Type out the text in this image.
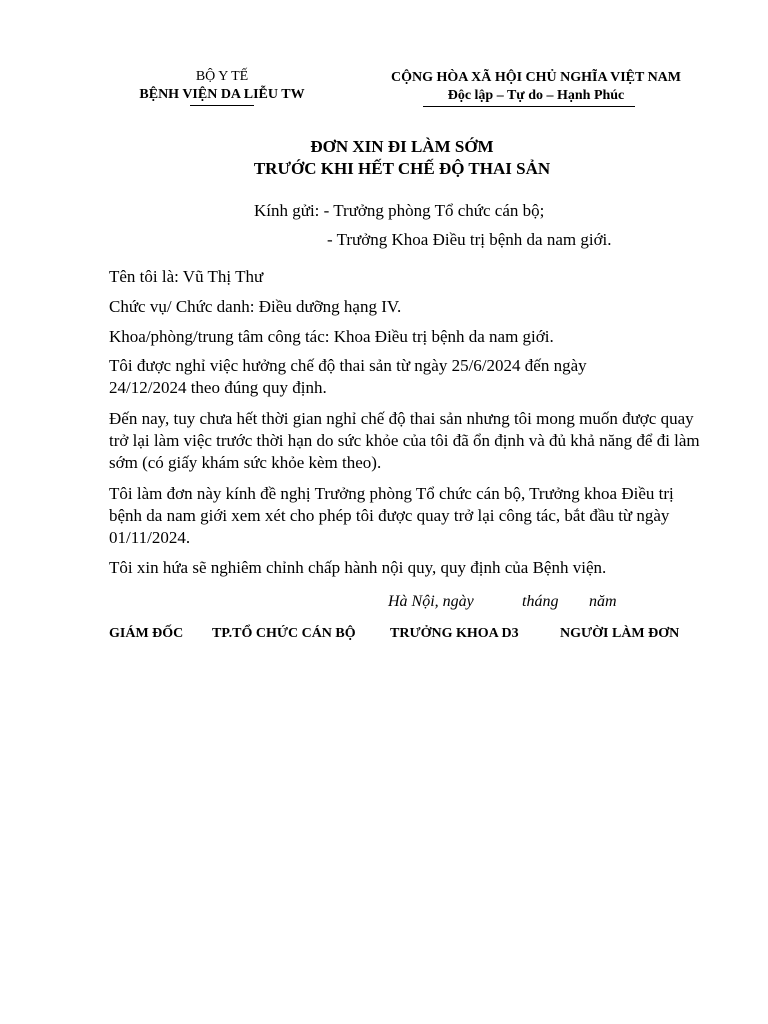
BỘ Y TẾ
BỆNH VIỆN DA LIỄU TW
CỘNG HÒA XÃ HỘI CHỦ NGHĨA VIỆT NAM
Độc lập – Tự do – Hạnh Phúc
ĐƠN XIN ĐI LÀM SỚM
TRƯỚC KHI HẾT CHẾ ĐỘ THAI SẢN
Kính gửi: - Trưởng phòng Tổ chức cán bộ;
- Trưởng Khoa Điều trị bệnh da nam giới.
Tên tôi là: Vũ Thị Thư
Chức vụ/ Chức danh: Điều dưỡng hạng IV.
Khoa/phòng/trung tâm công tác: Khoa Điều trị bệnh da nam giới.
Tôi được nghỉ việc hưởng chế độ thai sản từ ngày 25/6/2024 đến ngày 24/12/2024 theo đúng quy định.
Đến nay, tuy chưa hết thời gian nghỉ chế độ thai sản nhưng tôi mong muốn được quay trở lại làm việc trước thời hạn do sức khỏe của tôi đã ổn định và đủ khả năng để đi làm sớm (có giấy khám sức khỏe kèm theo).
Tôi làm đơn này kính đề nghị Trưởng phòng Tổ chức cán bộ, Trưởng khoa Điều trị bệnh da nam giới xem xét cho phép tôi được quay trở lại công tác, bắt đầu từ ngày 01/11/2024.
Tôi xin hứa sẽ nghiêm chỉnh chấp hành nội quy, quy định của Bệnh viện.
Hà Nội, ngày	tháng năm
GIÁM ĐỐC TP.TỔ CHỨC CÁN BỘ TRƯỞNG KHOA D3	NGƯỜI LÀM ĐƠN
